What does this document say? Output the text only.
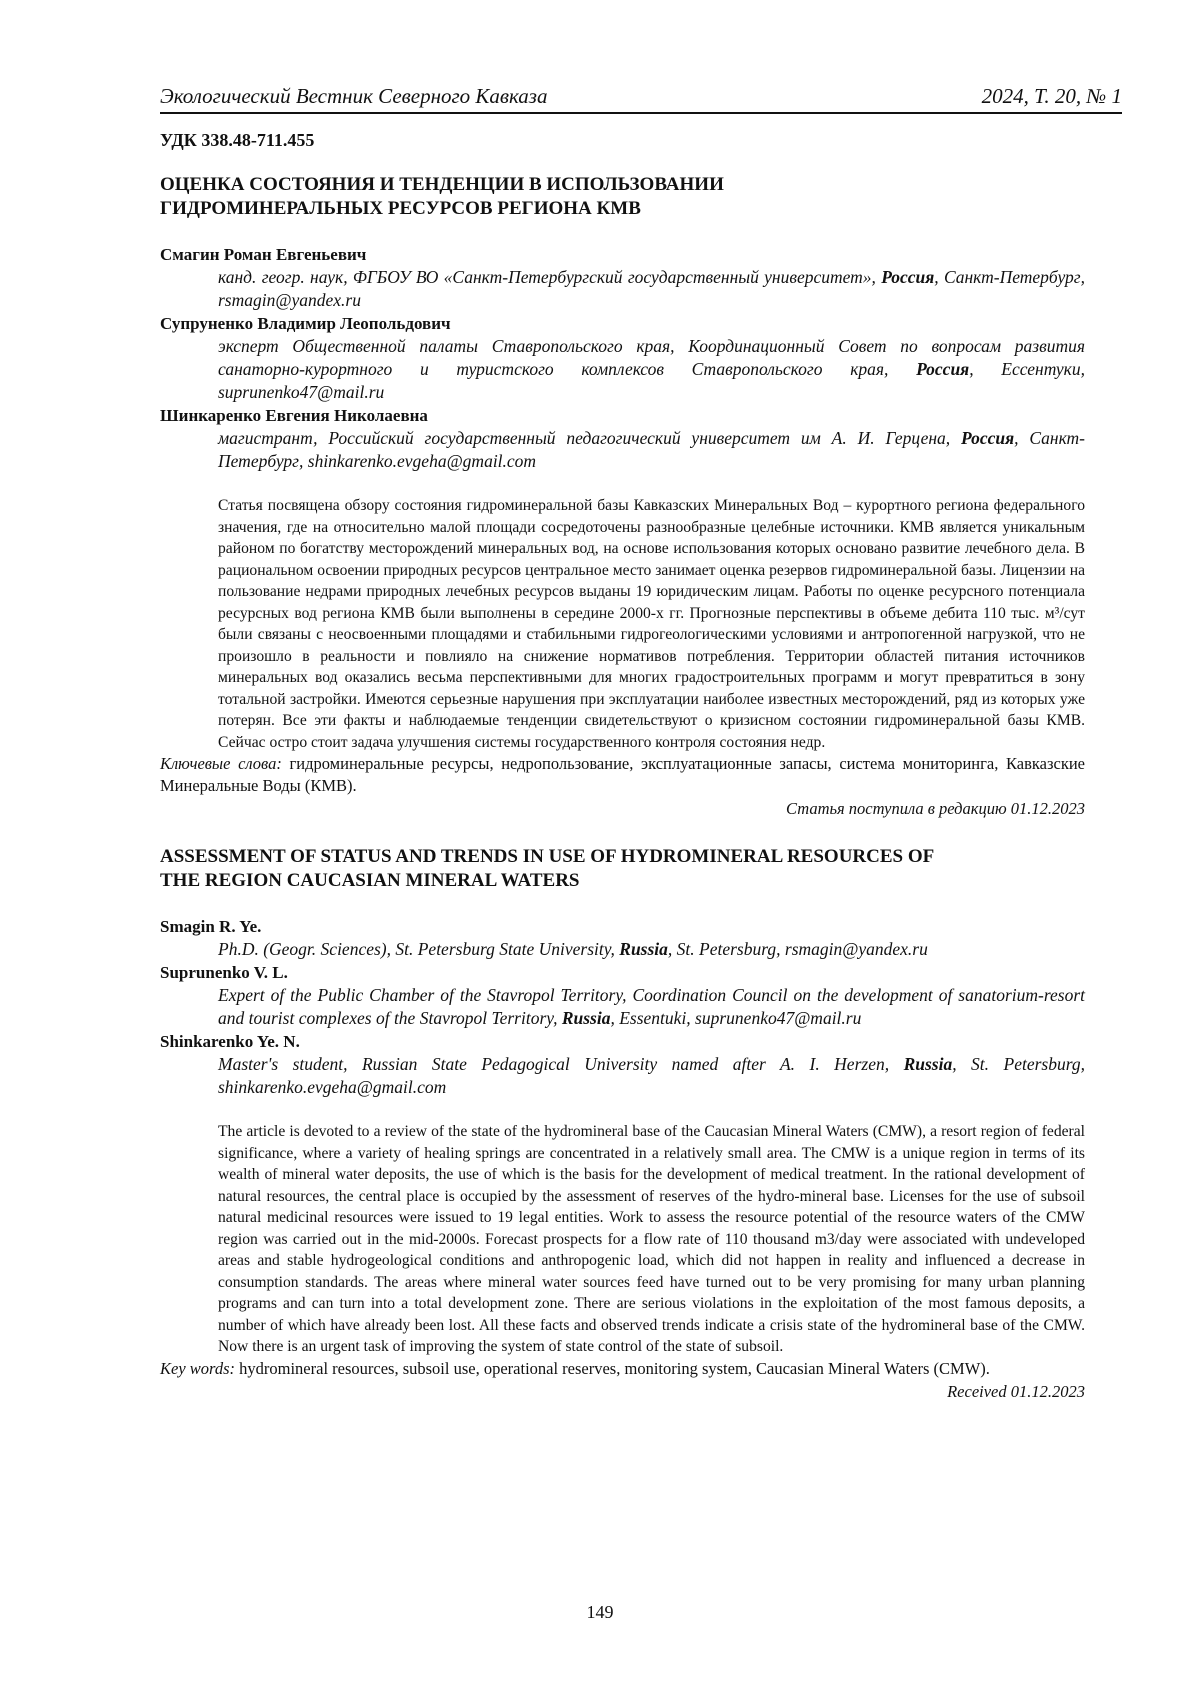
Экологический Вестник Северного Кавказа	2024, Т. 20, № 1

УДК 338.48-711.455

ОЦЕНКА СОСТОЯНИЯ И ТЕНДЕНЦИИ В ИСПОЛЬЗОВАНИИ
ГИДРОМИНЕРАЛЬНЫХ РЕСУРСОВ РЕГИОНА КМВ

Смагин Роман Евгеньевич

канд. геогр. наук, ФГБОУ ВО «Санкт-Петербургский государственный университет», Россия, Санкт-Петербург, rsmagin@yandex.ru

Супруненко Владимир Леопольдович

эксперт Общественной палаты Ставропольского края, Координационный Совет по вопросам развития санаторно-курортного и туристского комплексов Ставропольского края, Россия, Ессентуки, suprunenko47@mail.ru

Шинкаренко Евгения Николаевна

магистрант, Российский государственный педагогический университет им А. И. Герцена, Россия, Санкт-Петербург, shinkarenko.evgeha@gmail.com

Статья посвящена обзору состояния гидроминеральной базы Кавказских Минеральных Вод – курортного региона федерального значения, где на относительно малой площади сосредоточены разнообразные целебные источники. КМВ является уникальным районом по богатству месторождений минеральных вод, на основе использования которых основано развитие лечебного дела. В рациональном освоении природных ресурсов центральное место занимает оценка резервов гидроминеральной базы. Лицензии на пользование недрами природных лечебных ресурсов выданы 19 юридическим лицам. Работы по оценке ресурсного потенциала ресурсных вод региона КМВ были выполнены в середине 2000-х гг. Прогнозные перспективы в объеме дебита 110 тыс. м³/сут были связаны с неосвоенными площадями и стабильными гидрогеологическими условиями и антропогенной нагрузкой, что не произошло в реальности и повлияло на снижение нормативов потребления. Территории областей питания источников минеральных вод оказались весьма перспективными для многих градостроительных программ и могут превратиться в зону тотальной застройки. Имеются серьезные нарушения при эксплуатации наиболее известных месторождений, ряд из которых уже потерян. Все эти факты и наблюдаемые тенденции свидетельствуют о кризисном состоянии гидроминеральной базы КМВ. Сейчас остро стоит задача улучшения системы государственного контроля состояния недр.

Ключевые слова: гидроминеральные ресурсы, недропользование, эксплуатационные запасы, система мониторинга, Кавказские Минеральные Воды (КМВ).

Статья поступила в редакцию 01.12.2023

ASSESSMENT OF STATUS AND TRENDS IN USE OF HYDROMINERAL RESOURCES OF
THE REGION CAUCASIAN MINERAL WATERS

Smagin R. Ye.

Ph.D. (Geogr. Sciences), St. Petersburg State University, Russia, St. Petersburg, rsmagin@yandex.ru

Suprunenko V. L.

Expert of the Public Chamber of the Stavropol Territory, Coordination Council on the development of sanatorium-resort and tourist complexes of the Stavropol Territory, Russia, Essentuki, suprunenko47@mail.ru

Shinkarenko Ye. N.

Master's student, Russian State Pedagogical University named after A. I. Herzen, Russia, St. Petersburg, shinkarenko.evgeha@gmail.com

The article is devoted to a review of the state of the hydromineral base of the Caucasian Mineral Waters (CMW), a resort region of federal significance, where a variety of healing springs are concentrated in a relatively small area. The CMW is a unique region in terms of its wealth of mineral water deposits, the use of which is the basis for the development of medical treatment. In the rational development of natural resources, the central place is occupied by the assessment of reserves of the hydro-mineral base. Licenses for the use of subsoil natural medicinal resources were issued to 19 legal entities. Work to assess the resource potential of the resource waters of the CMW region was carried out in the mid-2000s. Forecast prospects for a flow rate of 110 thousand m3/day were associated with undeveloped areas and stable hydrogeological conditions and anthropogenic load, which did not happen in reality and influenced a decrease in consumption standards. The areas where mineral water sources feed have turned out to be very promising for many urban planning programs and can turn into a total development zone. There are serious violations in the exploitation of the most famous deposits, a number of which have already been lost. All these facts and observed trends indicate a crisis state of the hydromineral base of the CMW. Now there is an urgent task of improving the system of state control of the state of subsoil.

Key words: hydromineral resources, subsoil use, operational reserves, monitoring system, Caucasian Mineral Waters (CMW).

Received 01.12.2023

149
